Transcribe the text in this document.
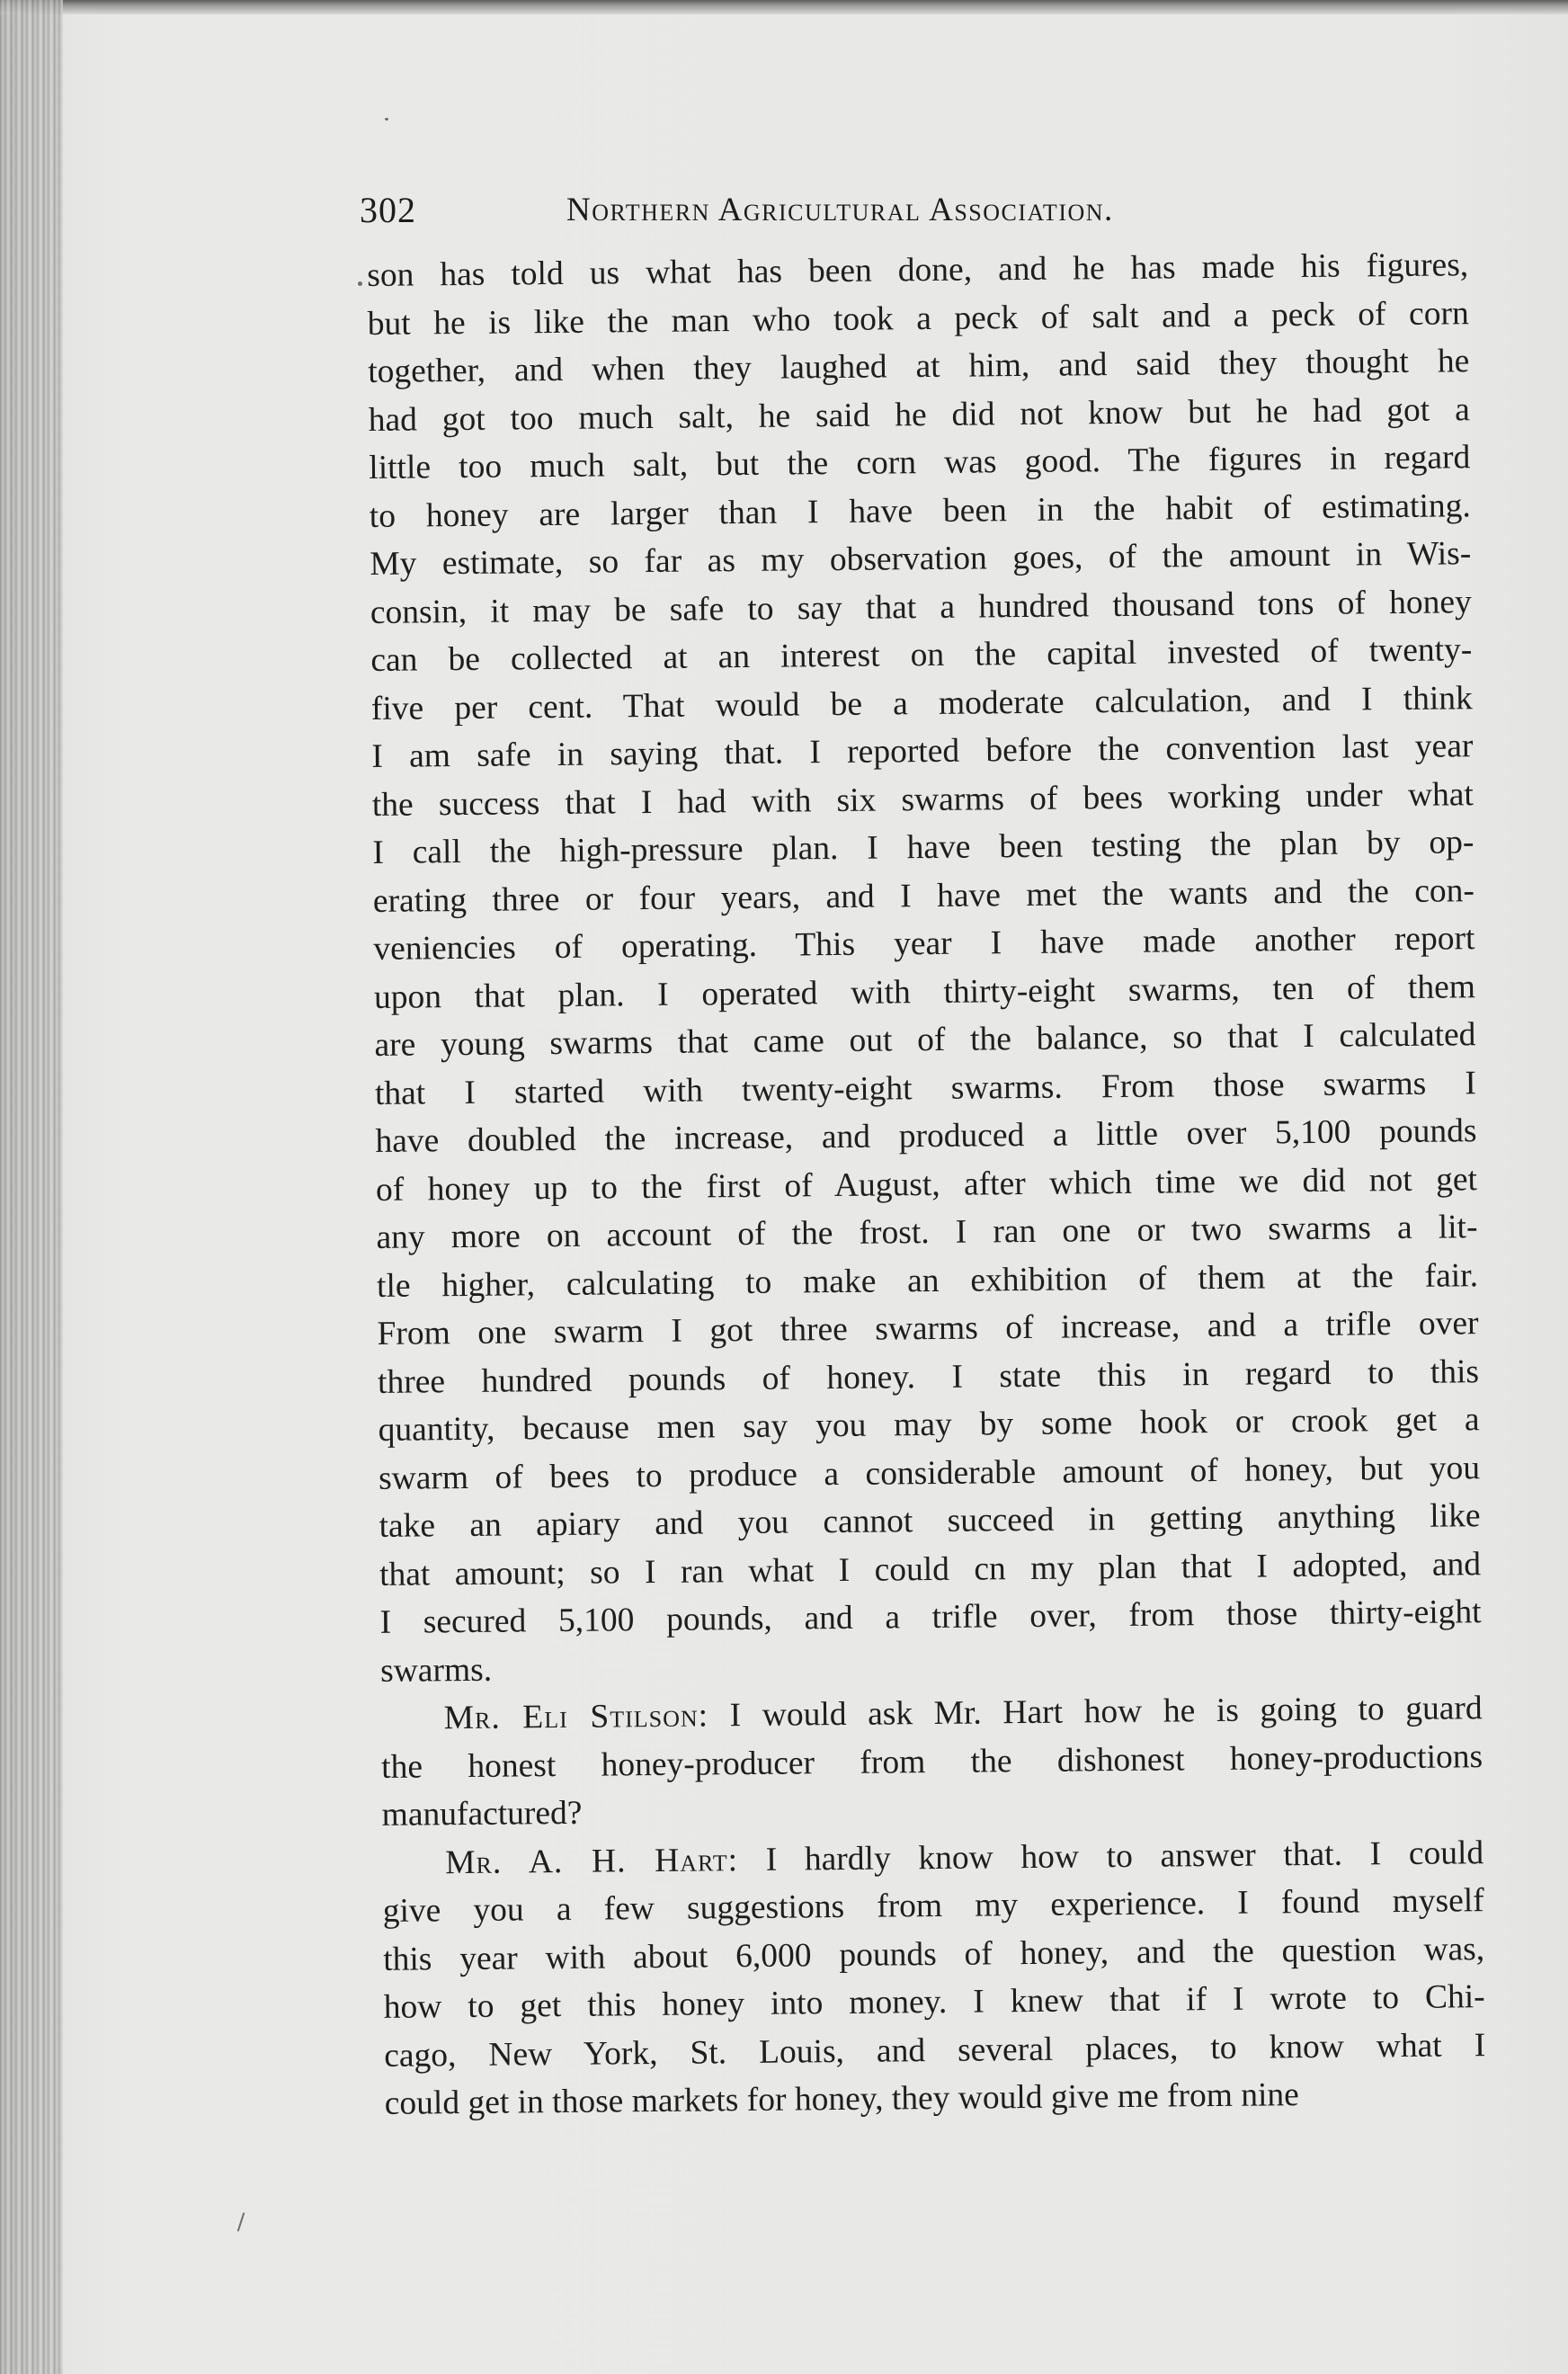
302	Northern Agricultural Association.
son has told us what has been done, and he has made his figures,
but he is like the man who took a peck of salt and a peck of corn
together, and when they laughed at him, and said they thought he
had got too much salt, he said he did not know but he had got a
little too much salt, but the corn was good. The figures in regard
to honey are larger than I have been in the habit of estimating.
My estimate, so far as my observation goes, of the amount in Wis-
consin, it may be safe to say that a hundred thousand tons of honey
can be collected at an interest on the capital invested of twenty-
five per cent. That would be a moderate calculation, and I think
I am safe in saying that. I reported before the convention last year
the success that I had with six swarms of bees working under what
I call the high-pressure plan. I have been testing the plan by op-
erating three or four years, and I have met the wants and the con-
veniencies of operating. This year I have made another report
upon that plan. I operated with thirty-eight swarms, ten of them
are young swarms that came out of the balance, so that I calculated
that I started with twenty-eight swarms. From those swarms I
have doubled the increase, and produced a little over 5,100 pounds
of honey up to the first of August, after which time we did not get
any more on account of the frost. I ran one or two swarms a lit-
tle higher, calculating to make an exhibition of them at the fair.
From one swarm I got three swarms of increase, and a trifle over
three hundred pounds of honey. I state this in regard to this
quantity, because men say you may by some hook or crook get a
swarm of bees to produce a considerable amount of honey, but you
take an apiary and you cannot succeed in getting anything like
that amount; so I ran what I could cn my plan that I adopted, and
I secured 5,100 pounds, and a trifle over, from those thirty-eight
swarms.
Mr. Eli Stilson: I would ask Mr. Hart how he is going to guard
the honest honey-producer from the dishonest honey-productions
manufactured?
Mr. A. H. Hart: I hardly know how to answer that. I could
give you a few suggestions from my experience. I found myself
this year with about 6,000 pounds of honey, and the question was,
how to get this honey into money. I knew that if I wrote to Chi-
cago, New York, St. Louis, and several places, to know what I
could get in those markets for honey, they would give me from nine
